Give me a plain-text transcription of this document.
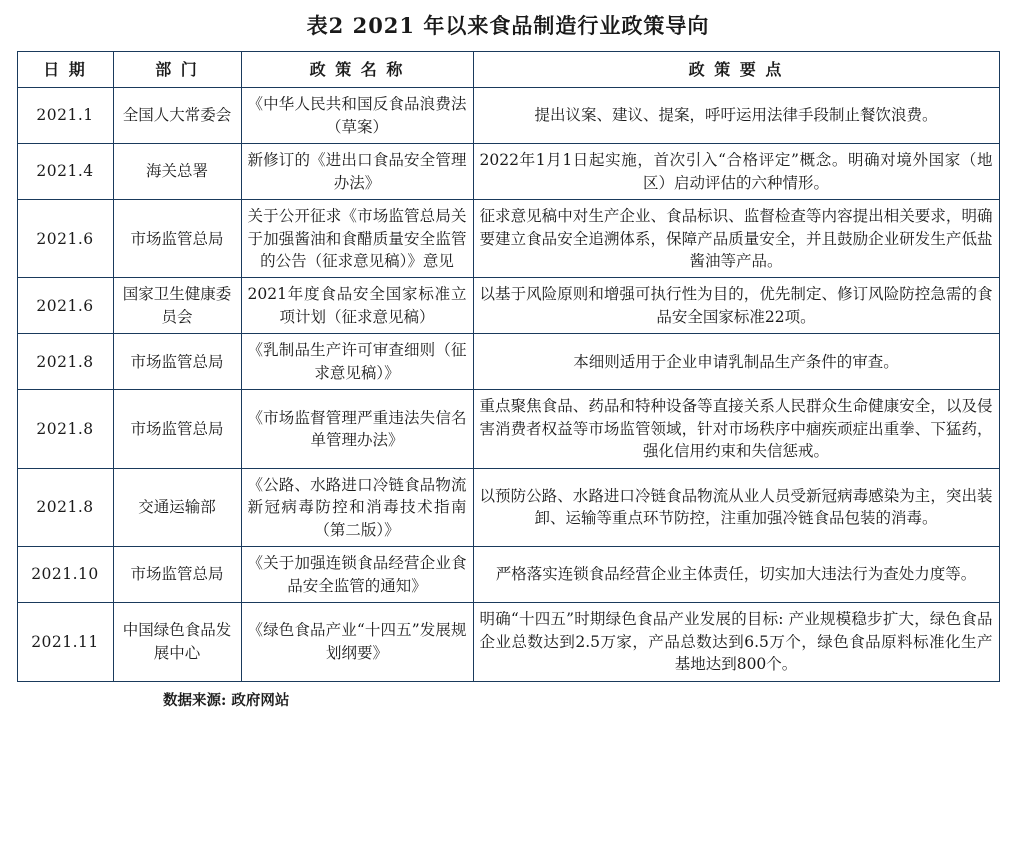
表2 2021 年以来食品制造行业政策导向
日 期	部 门	政 策 名 称	政 策 要 点
2021.1	全国人大常委会	《中华人民共和国反食品浪费法（草案）	提出议案、建议、提案，呼吁运用法律手段制止餐饮浪费。
2021.4	海关总署	新修订的《进出口食品安全管理办法》	2022年1月1日起实施，首次引入“合格评定”概念。明确对境外国家（地区）启动评估的六种情形。
2021.6	市场监管总局	关于公开征求《市场监管总局关于加强酱油和食醋质量安全监管的公告（征求意见稿）》意见	征求意见稿中对生产企业、食品标识、监督检查等内容提出相关要求，明确要建立食品安全追溯体系，保障产品质量安全，并且鼓励企业研发生产低盐酱油等产品。
2021.6	国家卫生健康委员会	2021年度食品安全国家标准立项计划（征求意见稿）	以基于风险原则和增强可执行性为目的，优先制定、修订风险防控急需的食品安全国家标准22项。
2021.8	市场监管总局	《乳制品生产许可审查细则（征求意见稿）》	本细则适用于企业申请乳制品生产条件的审查。
2021.8	市场监管总局	《市场监督管理严重违法失信名单管理办法》	重点聚焦食品、药品和特种设备等直接关系人民群众生命健康安全，以及侵害消费者权益等市场监管领域，针对市场秩序中痼疾顽症出重拳、下猛药，强化信用约束和失信惩戒。
2021.8	交通运输部	《公路、水路进口冷链食品物流新冠病毒防控和消毒技术指南（第二版）》	以预防公路、水路进口冷链食品物流从业人员受新冠病毒感染为主，突出装卸、运输等重点环节防控，注重加强冷链食品包装的消毒。
2021.10	市场监管总局	《关于加强连锁食品经营企业食品安全监管的通知》	严格落实连锁食品经营企业主体责任，切实加大违法行为查处力度等。
2021.11	中国绿色食品发展中心	《绿色食品产业“十四五”发展规划纲要》	明确“十四五”时期绿色食品产业发展的目标: 产业规模稳步扩大，绿色食品企业总数达到2.5万家，产品总数达到6.5万个，绿色食品原料标准化生产基地达到800个。
数据来源: 政府网站
